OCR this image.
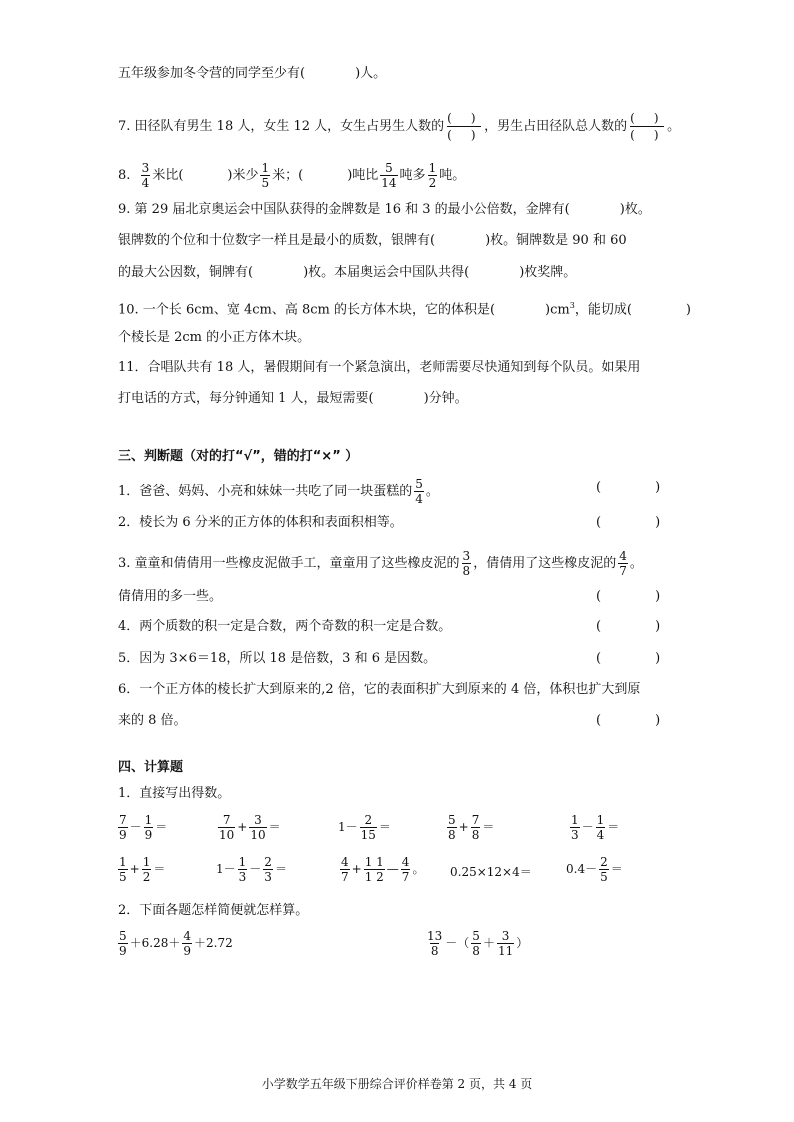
五年级参加冬令营的同学至少有(	)人。
7. 田径队有男生 18 人，女生 12 人，女生占男生人数的
(     )
(     )
，男生占田径队总人数的
(     )
(     )
。
8. $\frac{3}{4}$ 米比(	)米少 $\frac{1}{5}$ 米；(	)吨比 $\frac{5}{14}$ 吨多 $\frac{1}{2}$ 吨。
9. 第 29 届北京奥运会中国队获得的金牌数是 16 和 3 的最小公倍数，金牌有(	)枚。
银牌数的个位和十位数字一样且是最小的质数，银牌有(	)枚。铜牌数是 90 和 60
的最大公因数，铜牌有(	)枚。本届奥运会中国队共得(	)枚奖牌。
10. 一个长 6cm、宽 4cm、高 8cm 的长方体木块，它的体积是(	)$cm^3$，能切成(	)
个棱长是 2cm 的小正方体木块。
11．合唱队共有 18 人，暑假期间有一个紧急演出，老师需要尽快通知到每个队员。如果用
打电话的方式，每分钟通知 1 人，最短需要(	)分钟。
三、判断题（对的打“√”，错的打“×” ）
1．爸爸、妈妈、小亮和妹妹一共吃了同一块蛋糕的 $\frac{5}{4}$ 。	(	)
2．棱长为 6 分米的正方体的体积和表面积相等。	(	)
3. 童童和倩倩用一些橡皮泥做手工，童童用了这些橡皮泥的 $\frac{3}{8}$ ，倩倩用了这些橡皮泥的 $\frac{4}{7}$ 。
倩倩用的多一些。	(	)
4．两个质数的积一定是合数，两个奇数的积一定是合数。	(	)
5．因为 3×6＝18，所以 18 是倍数，3 和 6 是因数。	(	)
6．一个正方体的棱长扩大到原来的,2 倍，它的表面积扩大到原来的 4 倍，体积也扩大到原
来的 8 倍。	(	)
四、计算题
1．直接写出得数。
$\frac{7}{9} - \frac{1}{9}$ ＝	$\frac{7}{10} + \frac{3}{10}$ ＝	$1- \frac{2}{15}$ ＝	$\frac{5}{8} + \frac{7}{8}$ ＝	$\frac{1}{3} - \frac{1}{4}$ ＝
$\frac{1}{5} + \frac{1}{2}$ ＝	$1- \frac{1}{3} - \frac{2}{3}$ ＝	$\frac{4}{7} + \frac{1 1}{1 2}$ — $\frac{4}{7}$ 。 0.25×12×4＝	$0.4- \frac{2}{5}$ ＝
2．下面各题怎样简便就怎样算。
$\frac{5}{9} +6.28+ \frac{4}{9} +2.72$	$\frac{13}{8}$ －（ $\frac{5}{8} + \frac{3}{11}$ ）
小学数学五年级下册综合评价样卷第 2 页，共 4 页
